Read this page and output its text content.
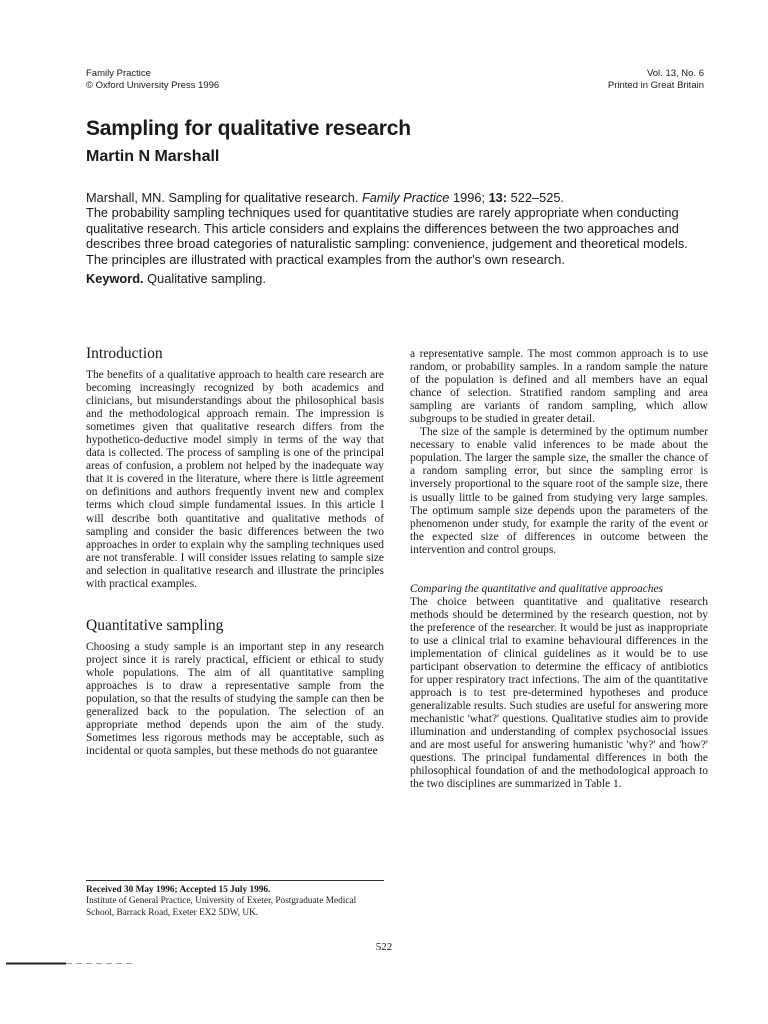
Family Practice
© Oxford University Press 1996
Vol. 13, No. 6
Printed in Great Britain
Sampling for qualitative research
Martin N Marshall

Marshall, MN. Sampling for qualitative research. Family Practice 1996; 13: 522–525.

The probability sampling techniques used for quantitative studies are rarely appropriate when conducting qualitative research. This article considers and explains the differences between the two approaches and describes three broad categories of naturalistic sampling: convenience, judgement and theoretical models. The principles are illustrated with practical examples from the author's own research.

Keyword. Qualitative sampling.

Introduction

The benefits of a qualitative approach to health care research are becoming increasingly recognized by both academics and clinicians, but misunderstandings about the philosophical basis and the methodological approach remain. The impression is sometimes given that qualitative research differs from the hypothetico-deductive model simply in terms of the way that data is collected. The process of sampling is one of the principal areas of confusion, a problem not helped by the inadequate way that it is covered in the literature, where there is little agreement on definitions and authors frequently invent new and complex terms which cloud simple fundamental issues. In this article I will describe both quantitative and qualitative methods of sampling and consider the basic differences between the two approaches in order to explain why the sampling techniques used are not transferable. I will consider issues relating to sample size and selection in qualitative research and illustrate the principles with practical examples.

Quantitative sampling

Choosing a study sample is an important step in any research project since it is rarely practical, efficient or ethical to study whole populations. The aim of all quantitative sampling approaches is to draw a representative sample from the population, so that the results of studying the sample can then be generalized back to the population. The selection of an appropriate method depends upon the aim of the study. Sometimes less rigorous methods may be acceptable, such as incidental or quota samples, but these methods do not guarantee

a representative sample. The most common approach is to use random, or probability samples. In a random sample the nature of the population is defined and all members have an equal chance of selection. Stratified random sampling and area sampling are variants of random sampling, which allow subgroups to be studied in greater detail.

The size of the sample is determined by the optimum number necessary to enable valid inferences to be made about the population. The larger the sample size, the smaller the chance of a random sampling error, but since the sampling error is inversely proportional to the square root of the sample size, there is usually little to be gained from studying very large samples. The optimum sample size depends upon the parameters of the phenomenon under study, for example the rarity of the event or the expected size of differences in outcome between the intervention and control groups.

Comparing the quantitative and qualitative approaches

The choice between quantitative and qualitative research methods should be determined by the research question, not by the preference of the researcher. It would be just as inappropriate to use a clinical trial to examine behavioural differences in the implementation of clinical guidelines as it would be to use participant observation to determine the efficacy of antibiotics for upper respiratory tract infections. The aim of the quantitative approach is to test pre-determined hypotheses and produce generalizable results. Such studies are useful for answering more mechanistic 'what?' questions. Qualitative studies aim to provide illumination and understanding of complex psychosocial issues and are most useful for answering humanistic 'why?' and 'how?' questions. The principal fundamental differences in both the philosophical foundation of and the methodological approach to the two disciplines are summarized in Table 1.

Received 30 May 1996; Accepted 15 July 1996.

Institute of General Practice, University of Exeter, Postgraduate Medical School, Barrack Road, Exeter EX2 5DW, UK.

522
